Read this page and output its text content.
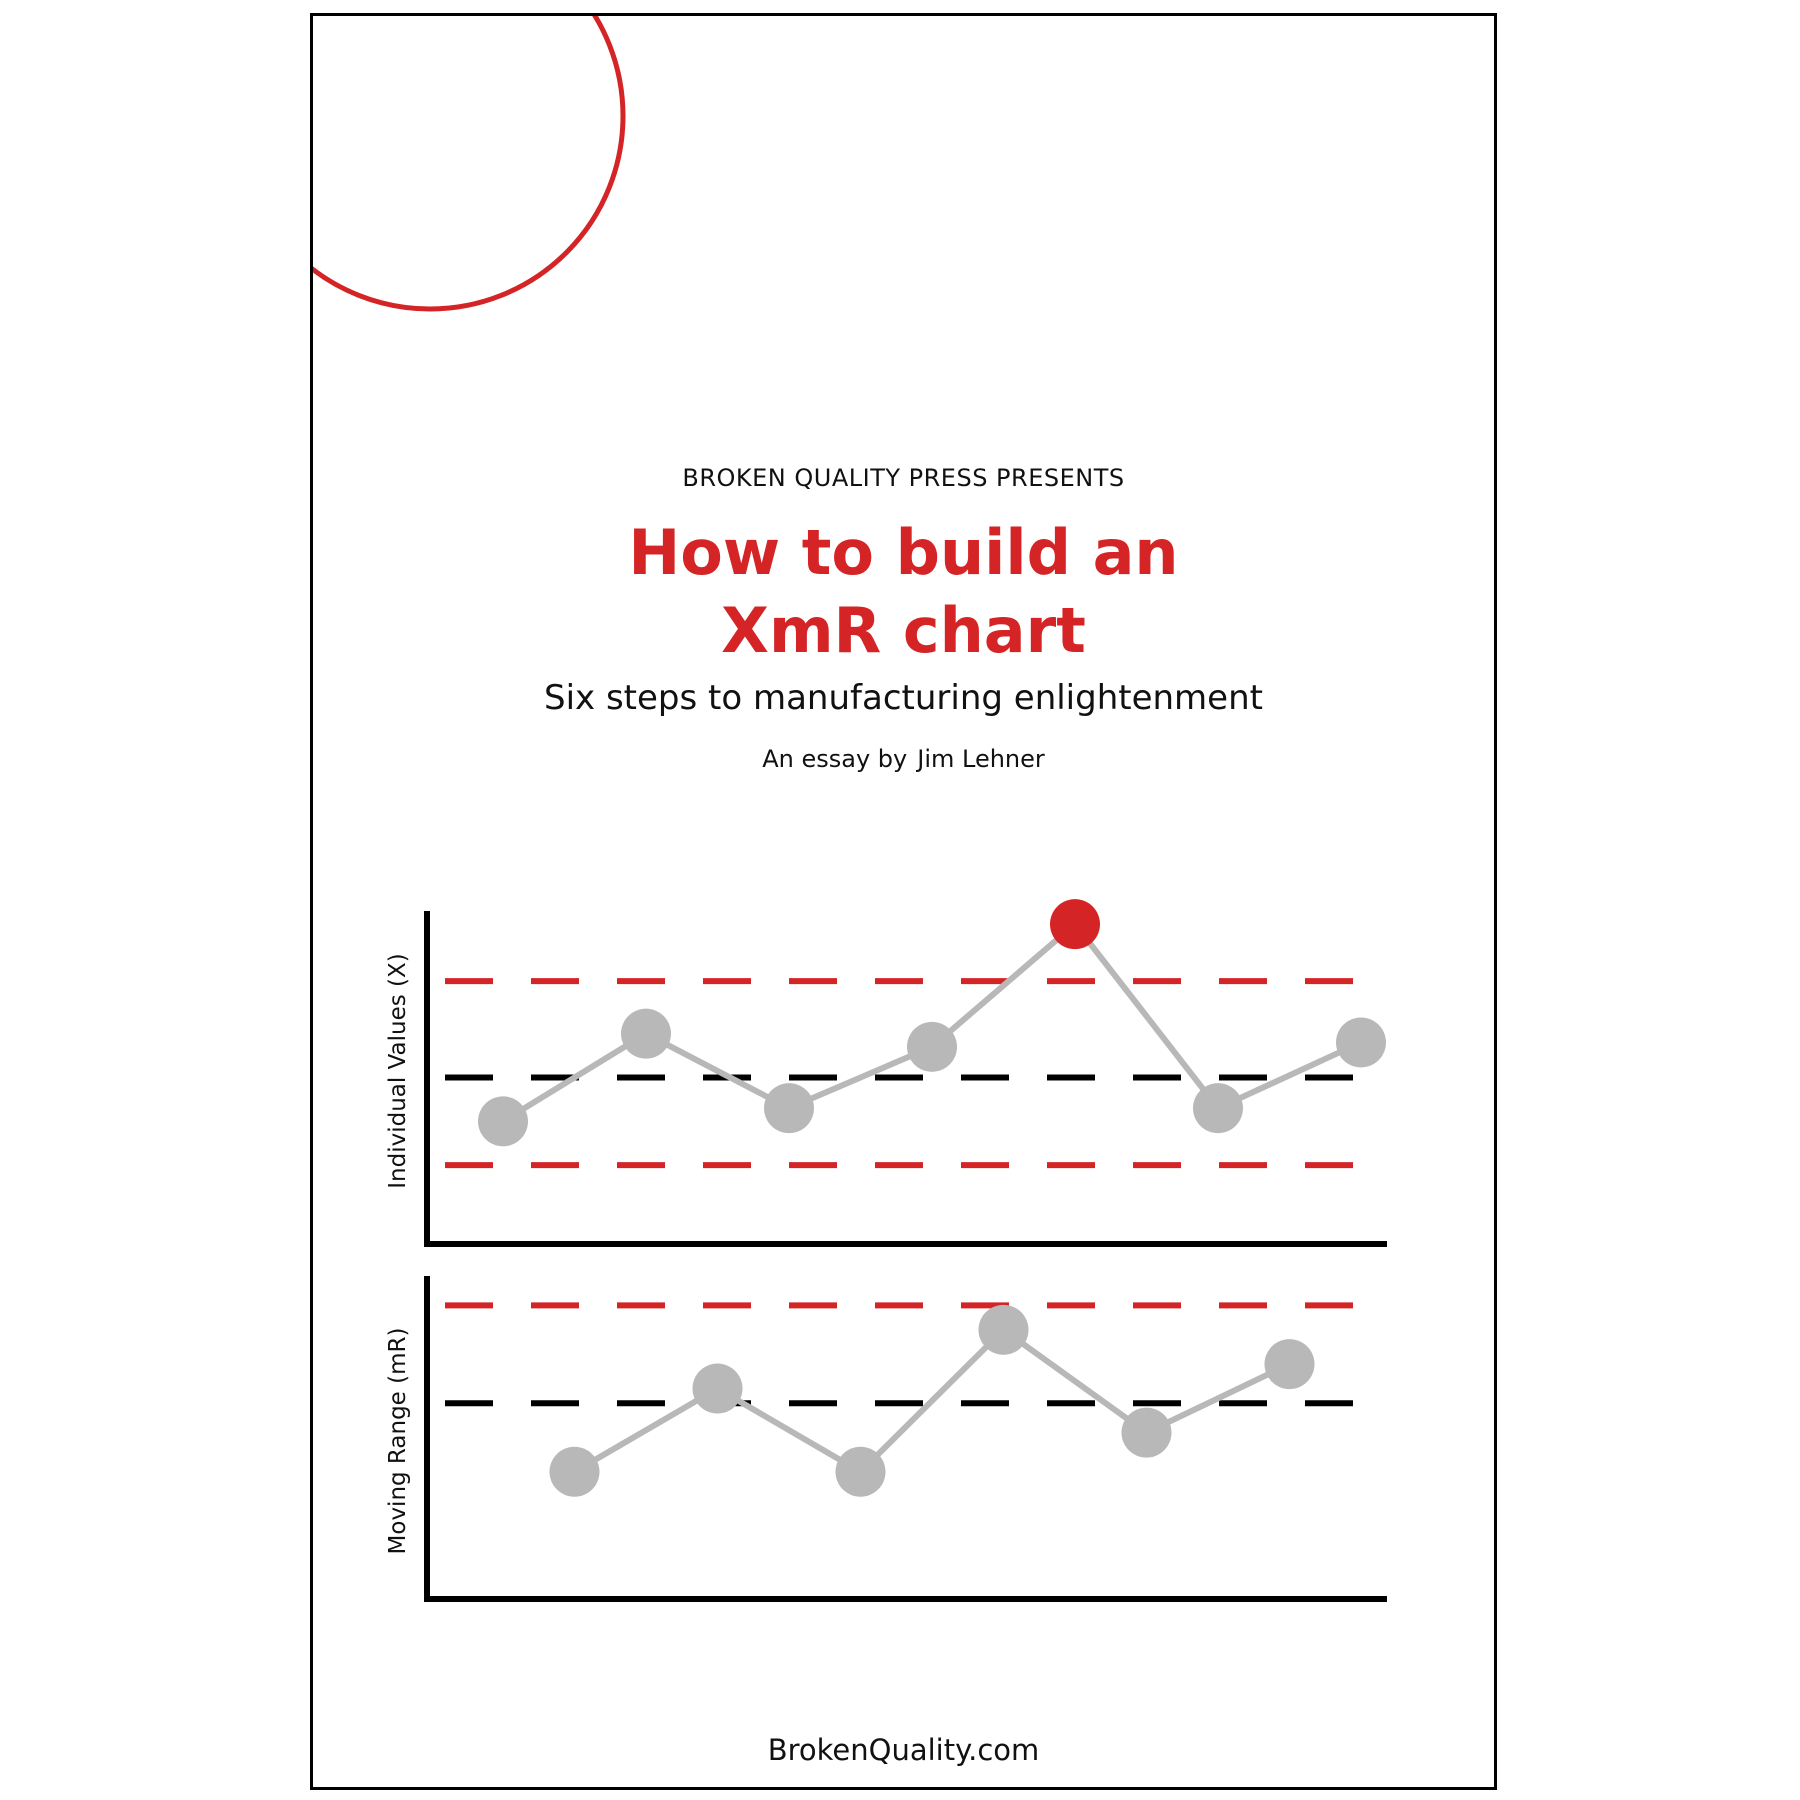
BROKEN QUALITY PRESS PRESENTS
How to build an
XmR chart
Six steps to manufacturing enlightenment
An essay by Jim Lehner
Individual Values (X)
Moving Range (mR)
BrokenQuality.com
